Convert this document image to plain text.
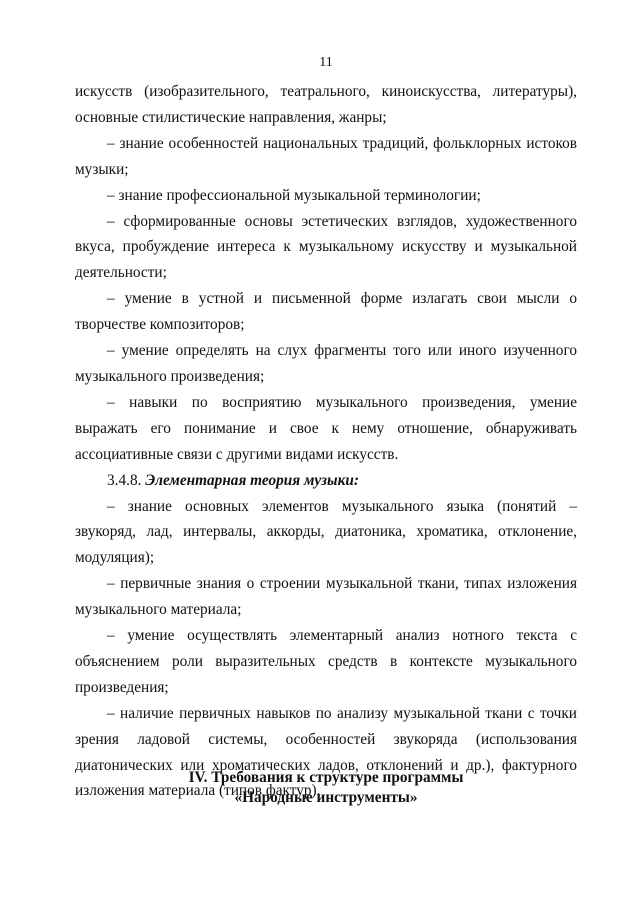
11

искусств (изобразительного, театрального, киноискусства, литературы), основные стилистические направления, жанры;

– знание особенностей национальных традиций, фольклорных истоков музыки;

– знание профессиональной музыкальной терминологии;

– сформированные основы эстетических взглядов, художественного вкуса, пробуждение интереса к музыкальному искусству и музыкальной деятельности;

– умение в устной и письменной форме излагать свои мысли о творчестве композиторов;

– умение определять на слух фрагменты того или иного изученного музыкального произведения;

– навыки по восприятию музыкального произведения, умение выражать его понимание и свое к нему отношение, обнаруживать ассоциативные связи с другими видами искусств.

3.4.8. Элементарная теория музыки:

– знание основных элементов музыкального языка (понятий – звукоряд, лад, интервалы, аккорды, диатоника, хроматика, отклонение, модуляция);

– первичные знания о строении музыкальной ткани, типах изложения музыкального материала;

– умение осуществлять элементарный анализ нотного текста с объяснением роли выразительных средств в контексте музыкального произведения;

– наличие первичных навыков по анализу музыкальной ткани с точки зрения ладовой системы, особенностей звукоряда (использования диатонических или хроматических ладов, отклонений и др.), фактурного изложения материала (типов фактур).

IV. Требования к структуре программы
«Народные инструменты»
